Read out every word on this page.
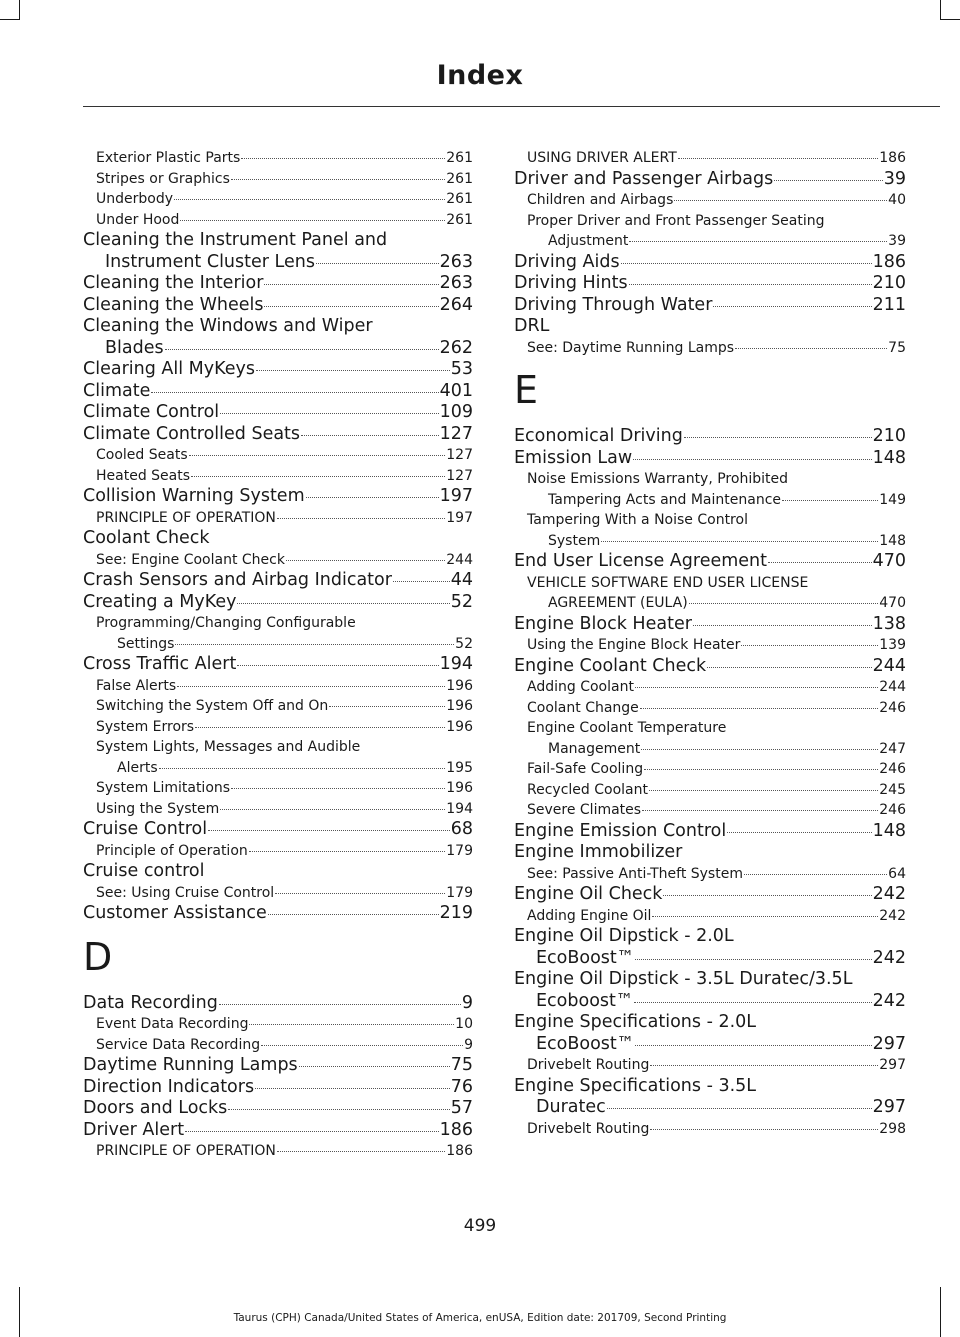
Index
Exterior Plastic Parts	261
Stripes or Graphics	261
Underbody	261
Under Hood	261
Cleaning the Instrument Panel and
Instrument Cluster Lens	263
Cleaning the Interior	263
Cleaning the Wheels	264
Cleaning the Windows and Wiper
Blades	262
Clearing All MyKeys	53
Climate	401
Climate Control	109
Climate Controlled Seats	127
Cooled Seats	127
Heated Seats	127
Collision Warning System	197
PRINCIPLE OF OPERATION	197
Coolant Check
See: Engine Coolant Check	244
Crash Sensors and Airbag Indicator	44
Creating a MyKey	52
Programming/Changing Configurable
Settings	52
Cross Traffic Alert	194
False Alerts	196
Switching the System Off and On	196
System Errors	196
System Lights, Messages and Audible
Alerts	195
System Limitations	196
Using the System	194
Cruise Control	68
Principle of Operation	179
Cruise control
See: Using Cruise Control	179
Customer Assistance	219
D
Data Recording	9
Event Data Recording	10
Service Data Recording	9
Daytime Running Lamps	75
Direction Indicators	76
Doors and Locks	57
Driver Alert	186
PRINCIPLE OF OPERATION	186
USING DRIVER ALERT	186
Driver and Passenger Airbags	39
Children and Airbags	40
Proper Driver and Front Passenger Seating
Adjustment	39
Driving Aids	186
Driving Hints	210
Driving Through Water	211
DRL
See: Daytime Running Lamps	75
E
Economical Driving	210
Emission Law	148
Noise Emissions Warranty, Prohibited
Tampering Acts and Maintenance	149
Tampering With a Noise Control
System	148
End User License Agreement	470
VEHICLE SOFTWARE END USER LICENSE
AGREEMENT (EULA)	470
Engine Block Heater	138
Using the Engine Block Heater	139
Engine Coolant Check	244
Adding Coolant	244
Coolant Change	246
Engine Coolant Temperature
Management	247
Fail-Safe Cooling	246
Recycled Coolant	245
Severe Climates	246
Engine Emission Control	148
Engine Immobilizer
See: Passive Anti-Theft System	64
Engine Oil Check	242
Adding Engine Oil	242
Engine Oil Dipstick - 2.0L
EcoBoost™	242
Engine Oil Dipstick - 3.5L Duratec/3.5L
Ecoboost™	242
Engine Specifications - 2.0L
EcoBoost™	297
Drivebelt Routing	297
Engine Specifications - 3.5L
Duratec	297
Drivebelt Routing	298
499
Taurus (CPH) Canada/United States of America, enUSA, Edition date: 201709, Second Printing
